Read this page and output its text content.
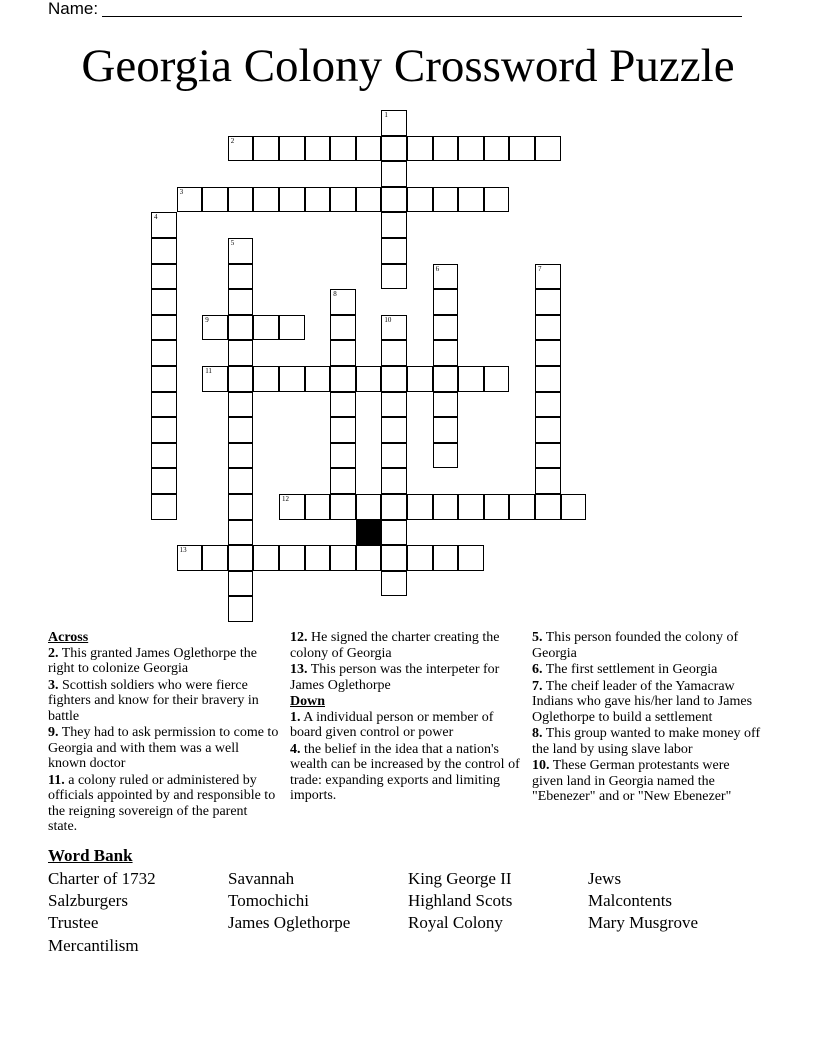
Name:
Georgia Colony Crossword Puzzle
1
2
3
4
5
6	7
8
9	10
11
12
13
Across
2. This granted James Oglethorpe the right to colonize Georgia
3. Scottish soldiers who were fierce fighters and know for their bravery in battle
9. They had to ask permission to come to Georgia and with them was a well known doctor
11. a colony ruled or administered by officials appointed by and responsible to the reigning sovereign of the parent state.
12. He signed the charter creating the colony of Georgia
13. This person was the interpeter for James Oglethorpe
Down
1. A individual person or member of board given control or power
4. the belief in the idea that a nation's wealth can be increased by the control of trade: expanding exports and limiting imports.
5. This person founded the colony of Georgia
6. The first settlement in Georgia
7. The cheif leader of the Yamacraw Indians who gave his/her land to James Oglethorpe to build a settlement
8. This group wanted to make money off the land by using slave labor
10. These German protestants were given land in Georgia named the "Ebenezer" and or "New Ebenezer"
Word Bank
Charter of 1732	Savannah	King George II	Jews
Salzburgers	Tomochichi	Highland Scots	Malcontents
Trustee	James Oglethorpe	Royal Colony	Mary Musgrove
Mercantilism
